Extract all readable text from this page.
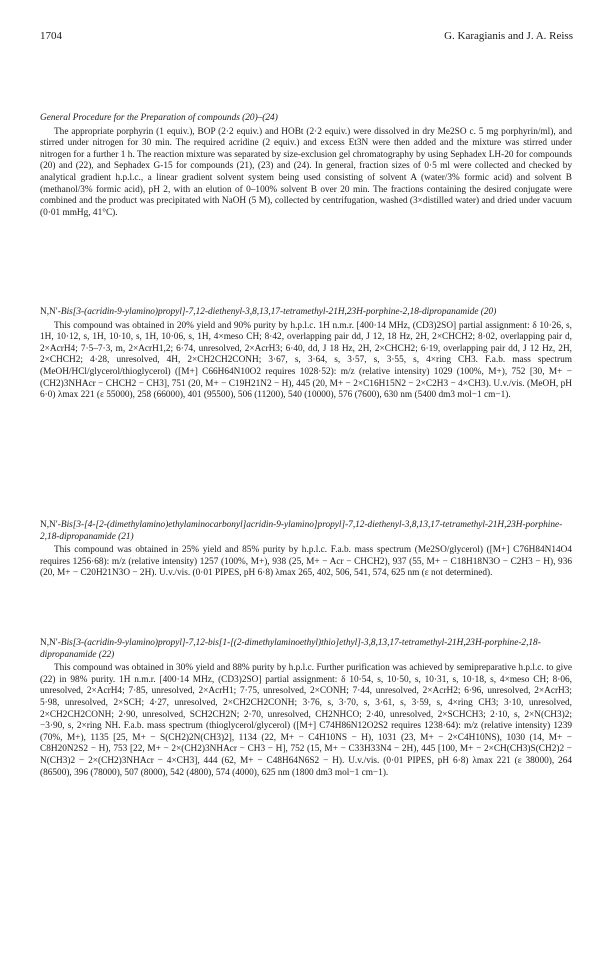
1704	G. Karagianis and J. A. Reiss

General Procedure for the Preparation of compounds (20)–(24)

The appropriate porphyrin (1 equiv.), BOP (2·2 equiv.) and HOBt (2·2 equiv.) were dissolved in dry Me2SO c. 5 mg porphyrin/ml), and stirred under nitrogen for 30 min. The required acridine (2 equiv.) and excess Et3N were then added and the mixture was stirred under nitrogen for a further 1 h. The reaction mixture was separated by size-exclusion gel chromatography by using Sephadex LH-20 for compounds (20) and (22), and Sephadex G-15 for compounds (21), (23) and (24). In general, fraction sizes of 0·5 ml were collected and checked by analytical gradient h.p.l.c., a linear gradient solvent system being used consisting of solvent A (water/3% formic acid) and solvent B (methanol/3% formic acid), pH 2, with an elution of 0–100% solvent B over 20 min. The fractions containing the desired conjugate were combined and the product was precipitated with NaOH (5 M), collected by centrifugation, washed (3×distilled water) and dried under vacuum (0·01 mmHg, 41°C).

N,N′-Bis[3-(acridin-9-ylamino)propyl]-7,12-diethenyl-3,8,13,17-tetramethyl-21H,23H-porphine-2,18-dipropanamide (20)

This compound was obtained in 20% yield and 90% purity by h.p.l.c. 1H n.m.r. [400·14 MHz, (CD3)2SO] partial assignment: δ 10·26, s, 1H, 10·12, s, 1H, 10·10, s, 1H, 10·06, s, 1H, 4×meso CH; 8·42, overlapping pair dd, J 12, 18 Hz, 2H, 2×CHCH2; 8·02, overlapping pair d, 2×AcrH4; 7·5–7·3, m, 2×AcrH1,2; 6·74, unresolved, 2×AcrH3; 6·40, dd, J 18 Hz, 2H, 2×CHCH2; 6·19, overlapping pair dd, J 12 Hz, 2H, 2×CHCH2; 4·28, unresolved, 4H, 2×CH2CH2CONH; 3·67, s, 3·64, s, 3·57, s, 3·55, s, 4×ring CH3. F.a.b. mass spectrum (MeOH/HCl/glycerol/thioglycerol) ([M+] C66H64N10O2 requires 1028·52): m/z (relative intensity) 1029 (100%, M+), 752 [30, M+ − (CH2)3NHAcr − CHCH2 − CH3], 751 (20, M+ − C19H21N2 − H), 445 (20, M+ − 2×C16H15N2 − 2×C2H3 − 4×CH3). U.v./vis. (MeOH, pH 6·0) λmax 221 (ε 55000), 258 (66000), 401 (95500), 506 (11200), 540 (10000), 576 (7600), 630 nm (5400 dm3 mol−1 cm−1).

N,N′-Bis[3-[4-[2-(dimethylamino)ethylaminocarbonyl]acridin-9-ylamino]propyl]-7,12-diethenyl-3,8,13,17-tetramethyl-21H,23H-porphine-2,18-dipropanamide (21)

This compound was obtained in 25% yield and 85% purity by h.p.l.c. F.a.b. mass spectrum (Me2SO/glycerol) ([M+] C76H84N14O4 requires 1256·68): m/z (relative intensity) 1257 (100%, M+), 938 (25, M+ − Acr − CHCH2), 937 (55, M+ − C18H18N3O − C2H3 − H), 936 (20, M+ − C20H21N3O − 2H). U.v./vis. (0·01 PIPES, pH 6·8) λmax 265, 402, 506, 541, 574, 625 nm (ε not determined).

N,N′-Bis[3-(acridin-9-ylamino)propyl]-7,12-bis[1-[(2-dimethylaminoethyl)thio]ethyl]-3,8,13,17-tetramethyl-21H,23H-porphine-2,18-dipropanamide (22)

This compound was obtained in 30% yield and 88% purity by h.p.l.c. Further purification was achieved by semipreparative h.p.l.c. to give (22) in 98% purity. 1H n.m.r. [400·14 MHz, (CD3)2SO] partial assignment: δ 10·54, s, 10·50, s, 10·31, s, 10·18, s, 4×meso CH; 8·06, unresolved, 2×AcrH4; 7·85, unresolved, 2×AcrH1; 7·75, unresolved, 2×CONH; 7·44, unresolved, 2×AcrH2; 6·96, unresolved, 2×AcrH3; 5·98, unresolved, 2×SCH; 4·27, unresolved, 2×CH2CH2CONH; 3·76, s, 3·70, s, 3·61, s, 3·59, s, 4×ring CH3; 3·10, unresolved, 2×CH2CH2CONH; 2·90, unresolved, SCH2CH2N; 2·70, unresolved, CH2NHCO; 2·40, unresolved, 2×SCHCH3; 2·10, s, 2×N(CH3)2; −3·90, s, 2×ring NH. F.a.b. mass spectrum (thioglycerol/glycerol) ([M+] C74H86N12O2S2 requires 1238·64): m/z (relative intensity) 1239 (70%, M+), 1135 [25, M+ − S(CH2)2N(CH3)2], 1134 (22, M+ − C4H10NS − H), 1031 (23, M+ − 2×C4H10NS), 1030 (14, M+ − C8H20N2S2 − H), 753 [22, M+ − 2×(CH2)3NHAcr − CH3 − H], 752 (15, M+ − C33H33N4 − 2H), 445 [100, M+ − 2×CH(CH3)S(CH2)2 − N(CH3)2 − 2×(CH2)3NHAcr − 4×CH3], 444 (62, M+ − C48H64N6S2 − H). U.v./vis. (0·01 PIPES, pH 6·8) λmax 221 (ε 38000), 264 (86500), 396 (78000), 507 (8000), 542 (4800), 574 (4000), 625 nm (1800 dm3 mol−1 cm−1).
